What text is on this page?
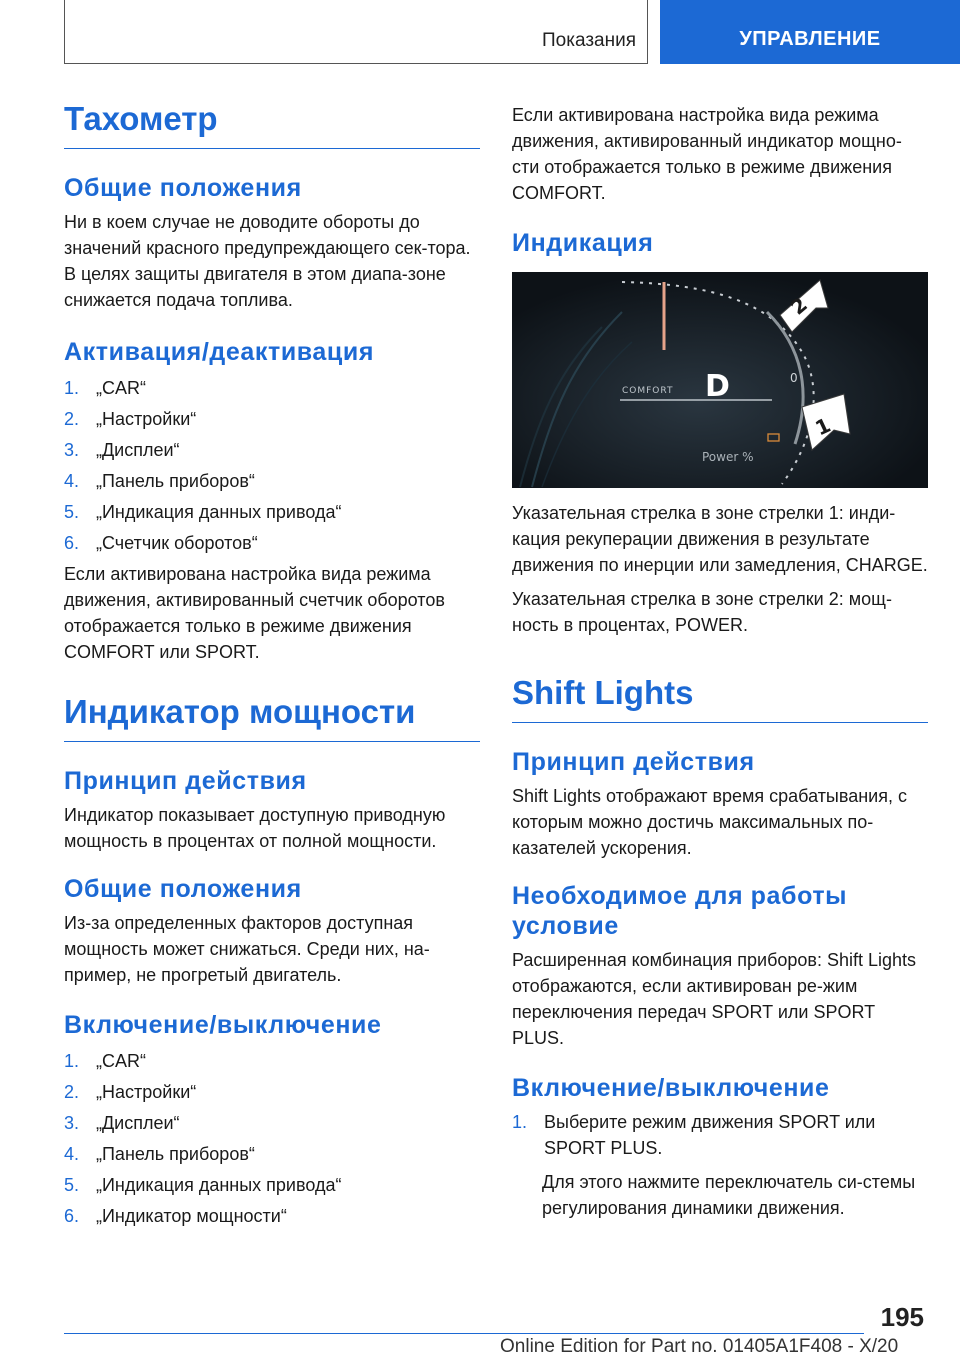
Показания	УПРАВЛЕНИЕ
Тахометр
Общие положения

Ни в коем случае не доводите обороты до значений красного предупреждающего сек-тора. В целях защиты двигателя в этом диапа-зоне снижается подача топлива.

Активация/деактивация
1. „CAR“
2. „Настройки“
3. „Дисплеи“
4. „Панель приборов“
5. „Индикация данных привода“
6. „Счетчик оборотов“

Если активирована настройка вида режима движения, активированный счетчик оборотов отображается только в режиме движения COMFORT или SPORT.

Индикатор мощности
Принцип действия

Индикатор показывает доступную приводную мощность в процентах от полной мощности.

Общие положения

Из-за определенных факторов доступная мощность может снижаться. Среди них, на-пример, не прогретый двигатель.

Включение/выключение
1. „CAR“
2. „Настройки“
3. „Дисплеи“
4. „Панель приборов“
5. „Индикация данных привода“
6. „Индикатор мощности“

Если активирована настройка вида режима движения, активированный индикатор мощно-сти отображается только в режиме движения COMFORT.

Индикация
COMFORT D	0
Power %
2
1

Указательная стрелка в зоне стрелки 1: инди-кация рекуперации движения в результате движения по инерции или замедления, CHARGE.

Указательная стрелка в зоне стрелки 2: мощ-ность в процентах, POWER.

Shift Lights
Принцип действия

Shift Lights отображают время срабатывания, с которым можно достичь максимальных по-казателей ускорения.

Необходимое для работы условие

Расширенная комбинация приборов: Shift Lights отображаются, если активирован ре-жим переключения передач SPORT или SPORT PLUS.

Включение/выключение
1. Выберите режим движения SPORT или SPORT PLUS.

Для этого нажмите переключатель си-стемы регулирования динамики движения.

195
Online Edition for Part no. 01405A1F408 - X/20
